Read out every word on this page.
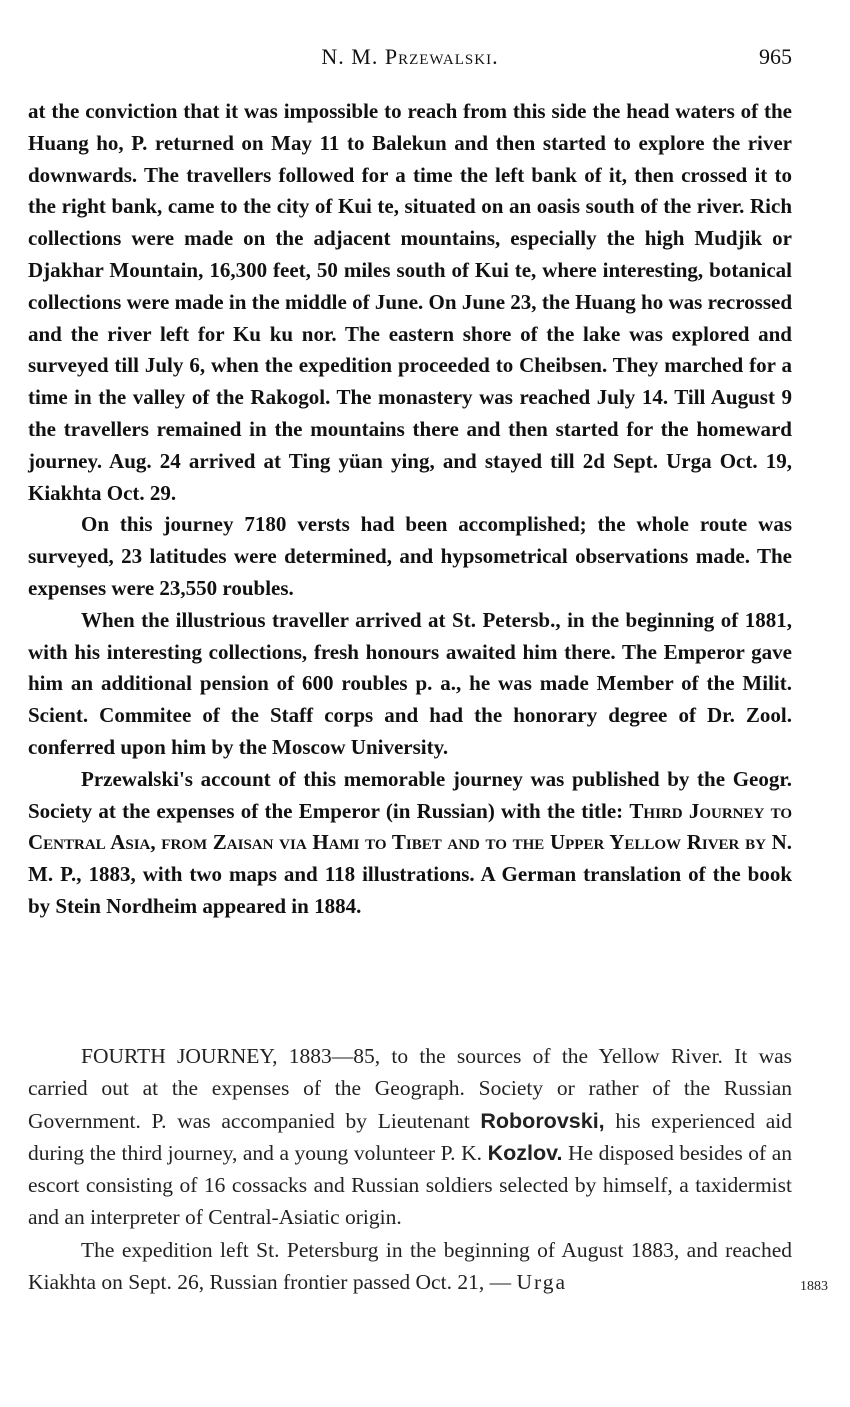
N. M. Przewalski.	965

at the conviction that it was impossible to reach from this side the head waters of the Huang ho, P. returned on May 11 to Balekun and then started to explore the river downwards. The travellers followed for a time the left bank of it, then crossed it to the right bank, came to the city of Kui te, situated on an oasis south of the river. Rich collections were made on the adjacent mountains, especially the high Mudjik or Djakhar Mountain, 16,300 feet, 50 miles south of Kui te, where interesting, botanical collections were made in the middle of June. On June 23, the Huang ho was recrossed and the river left for Ku ku nor. The eastern shore of the lake was explored and surveyed till July 6, when the expedition proceeded to Cheibsen. They marched for a time in the valley of the Rakogol. The monastery was reached July 14. Till August 9 the travellers remained in the mountains there and then started for the homeward journey. Aug. 24 arrived at Ting yüan ying, and stayed till 2d Sept. Urga Oct. 19, Kiakhta Oct. 29.

On this journey 7180 versts had been accomplished; the whole route was surveyed, 23 latitudes were determined, and hypsometrical observations made. The expenses were 23,550 roubles.

When the illustrious traveller arrived at St. Petersb., in the beginning of 1881, with his interesting collections, fresh honours awaited him there. The Emperor gave him an additional pension of 600 roubles p. a., he was made Member of the Milit. Scient. Commitee of the Staff corps and had the honorary degree of Dr. Zool. conferred upon him by the Moscow University.

Przewalski's account of this memorable journey was published by the Geogr. Society at the expenses of the Emperor (in Russian) with the title: Third Journey to Central Asia, from Zaisan via Hami to Tibet and to the Upper Yellow River by N. M. P., 1883, with two maps and 118 illustrations. A German translation of the book by Stein Nordheim appeared in 1884.

FOURTH JOURNEY, 1883—85, to the sources of the Yellow River. It was carried out at the expenses of the Geograph. Society or rather of the Russian Government. P. was accompanied by Lieutenant Roborovski, his experienced aid during the third journey, and a young volunteer P. K. Kozlov. He disposed besides of an escort consisting of 16 cossacks and Russian soldiers selected by himself, a taxidermist and an interpreter of Central-Asiatic origin.

The expedition left St. Petersburg in the beginning of August 1883, and reached Kiakhta on Sept. 26, Russian frontier passed Oct. 21, — Urga	1883
